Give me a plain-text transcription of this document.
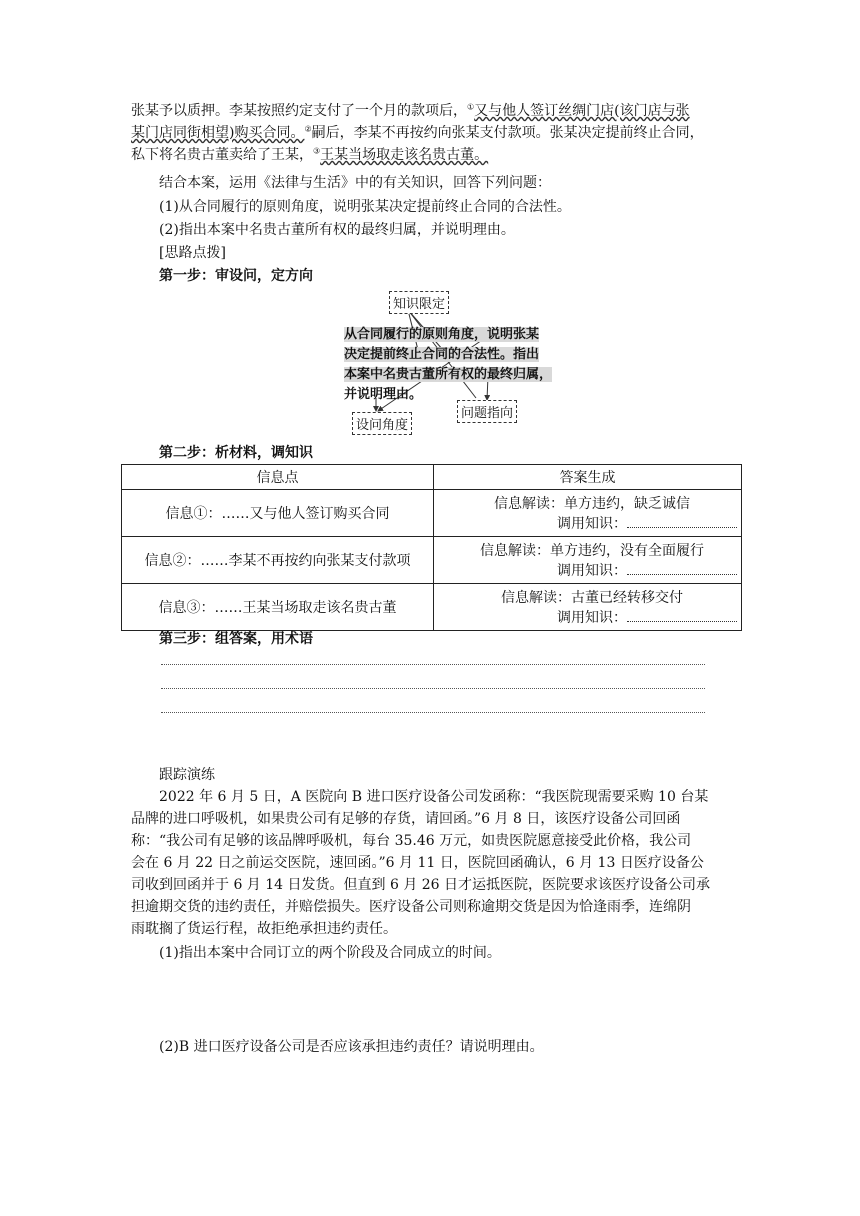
张某予以质押。李某按照约定支付了一个月的款项后，①又与他人签订丝绸门店(该门店与张
某门店同街相望)购买合同。②嗣后，李某不再按约向张某支付款项。张某决定提前终止合同，
私下将名贵古董卖给了王某，③王某当场取走该名贵古董。
结合本案，运用《法律与生活》中的有关知识，回答下列问题：
(1)从合同履行的原则角度，说明张某决定提前终止合同的合法性。
(2)指出本案中名贵古董所有权的最终归属，并说明理由。
[思路点拨]
第一步：审设问，定方向
知识限定
从合同履行的原则角度，说明张某
决定提前终止合同的合法性。指出
本案中名贵古董所有权的最终归属，
并说明理由。
设问角度
问题指向
第二步：析材料，调知识
信息点	答案生成
信息①：……又与他人签订购买合同	信息解读：单方违约，缺乏诚信
调用知识：

信息②：……李某不再按约向张某支付款项	信息解读：单方违约，没有全面履行
调用知识：

信息③：……王某当场取走该名贵古董	信息解读：古董已经转移交付
调用知识：
第三步：组答案，用术语
跟踪演练
2022 年 6 月 5 日，A 医院向 B 进口医疗设备公司发函称：“我医院现需要采购 10 台某
品牌的进口呼吸机，如果贵公司有足够的存货，请回函。”6 月 8 日，该医疗设备公司回函
称：“我公司有足够的该品牌呼吸机，每台 35.46 万元，如贵医院愿意接受此价格，我公司
会在 6 月 22 日之前运交医院，速回函。”6 月 11 日，医院回函确认，6 月 13 日医疗设备公
司收到回函并于 6 月 14 日发货。但直到 6 月 26 日才运抵医院，医院要求该医疗设备公司承
担逾期交货的违约责任，并赔偿损失。医疗设备公司则称逾期交货是因为恰逢雨季，连绵阴
雨耽搁了货运行程，故拒绝承担违约责任。
(1)指出本案中合同订立的两个阶段及合同成立的时间。
(2)B 进口医疗设备公司是否应该承担违约责任？请说明理由。
